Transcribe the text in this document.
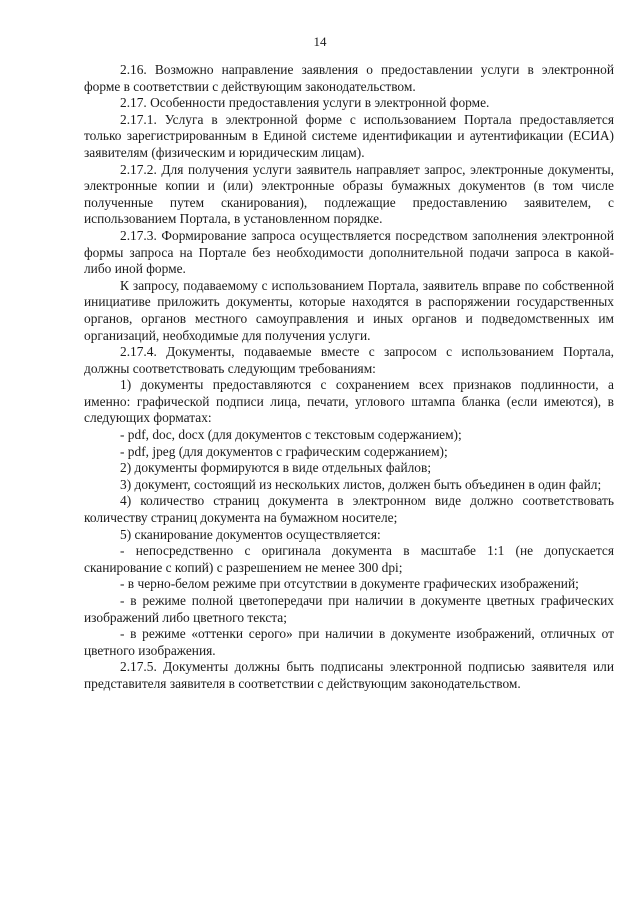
14

2.16. Возможно направление заявления о предоставлении услуги в электронной форме в соответствии с действующим законодательством.

2.17. Особенности предоставления услуги в электронной форме.

2.17.1. Услуга в электронной форме с использованием Портала предоставляется только зарегистрированным в Единой системе идентификации и аутентификации (ЕСИА) заявителям (физическим и юридическим лицам).

2.17.2. Для получения услуги заявитель направляет запрос, электронные документы, электронные копии и (или) электронные образы бумажных документов (в том числе полученные путем сканирования), подлежащие предоставлению заявителем, с использованием Портала, в установленном порядке.

2.17.3. Формирование запроса осуществляется посредством заполнения электронной формы запроса на Портале без необходимости дополнительной подачи запроса в какой-либо иной форме.

К запросу, подаваемому с использованием Портала, заявитель вправе по собственной инициативе приложить документы, которые находятся в распоряжении государственных органов, органов местного самоуправления и иных органов и подведомственных им организаций, необходимые для получения услуги.

2.17.4. Документы, подаваемые вместе с запросом с использованием Портала, должны соответствовать следующим требованиям:

1) документы предоставляются с сохранением всех признаков подлинности, а именно: графической подписи лица, печати, углового штампа бланка (если имеются), в следующих форматах:

- pdf, doc, docx (для документов с текстовым содержанием);

- pdf, jpeg (для документов с графическим содержанием);

2) документы формируются в виде отдельных файлов;

3) документ, состоящий из нескольких листов, должен быть объединен в один файл;

4) количество страниц документа в электронном виде должно соответствовать количеству страниц документа на бумажном носителе;

5) сканирование документов осуществляется:

- непосредственно с оригинала документа в масштабе 1:1 (не допускается сканирование с копий) с разрешением не менее 300 dpi;

- в черно-белом режиме при отсутствии в документе графических изображений;

- в режиме полной цветопередачи при наличии в документе цветных графических изображений либо цветного текста;

- в режиме «оттенки серого» при наличии в документе изображений, отличных от цветного изображения.

2.17.5. Документы должны быть подписаны электронной подписью заявителя или представителя заявителя в соответствии с действующим законодательством.
